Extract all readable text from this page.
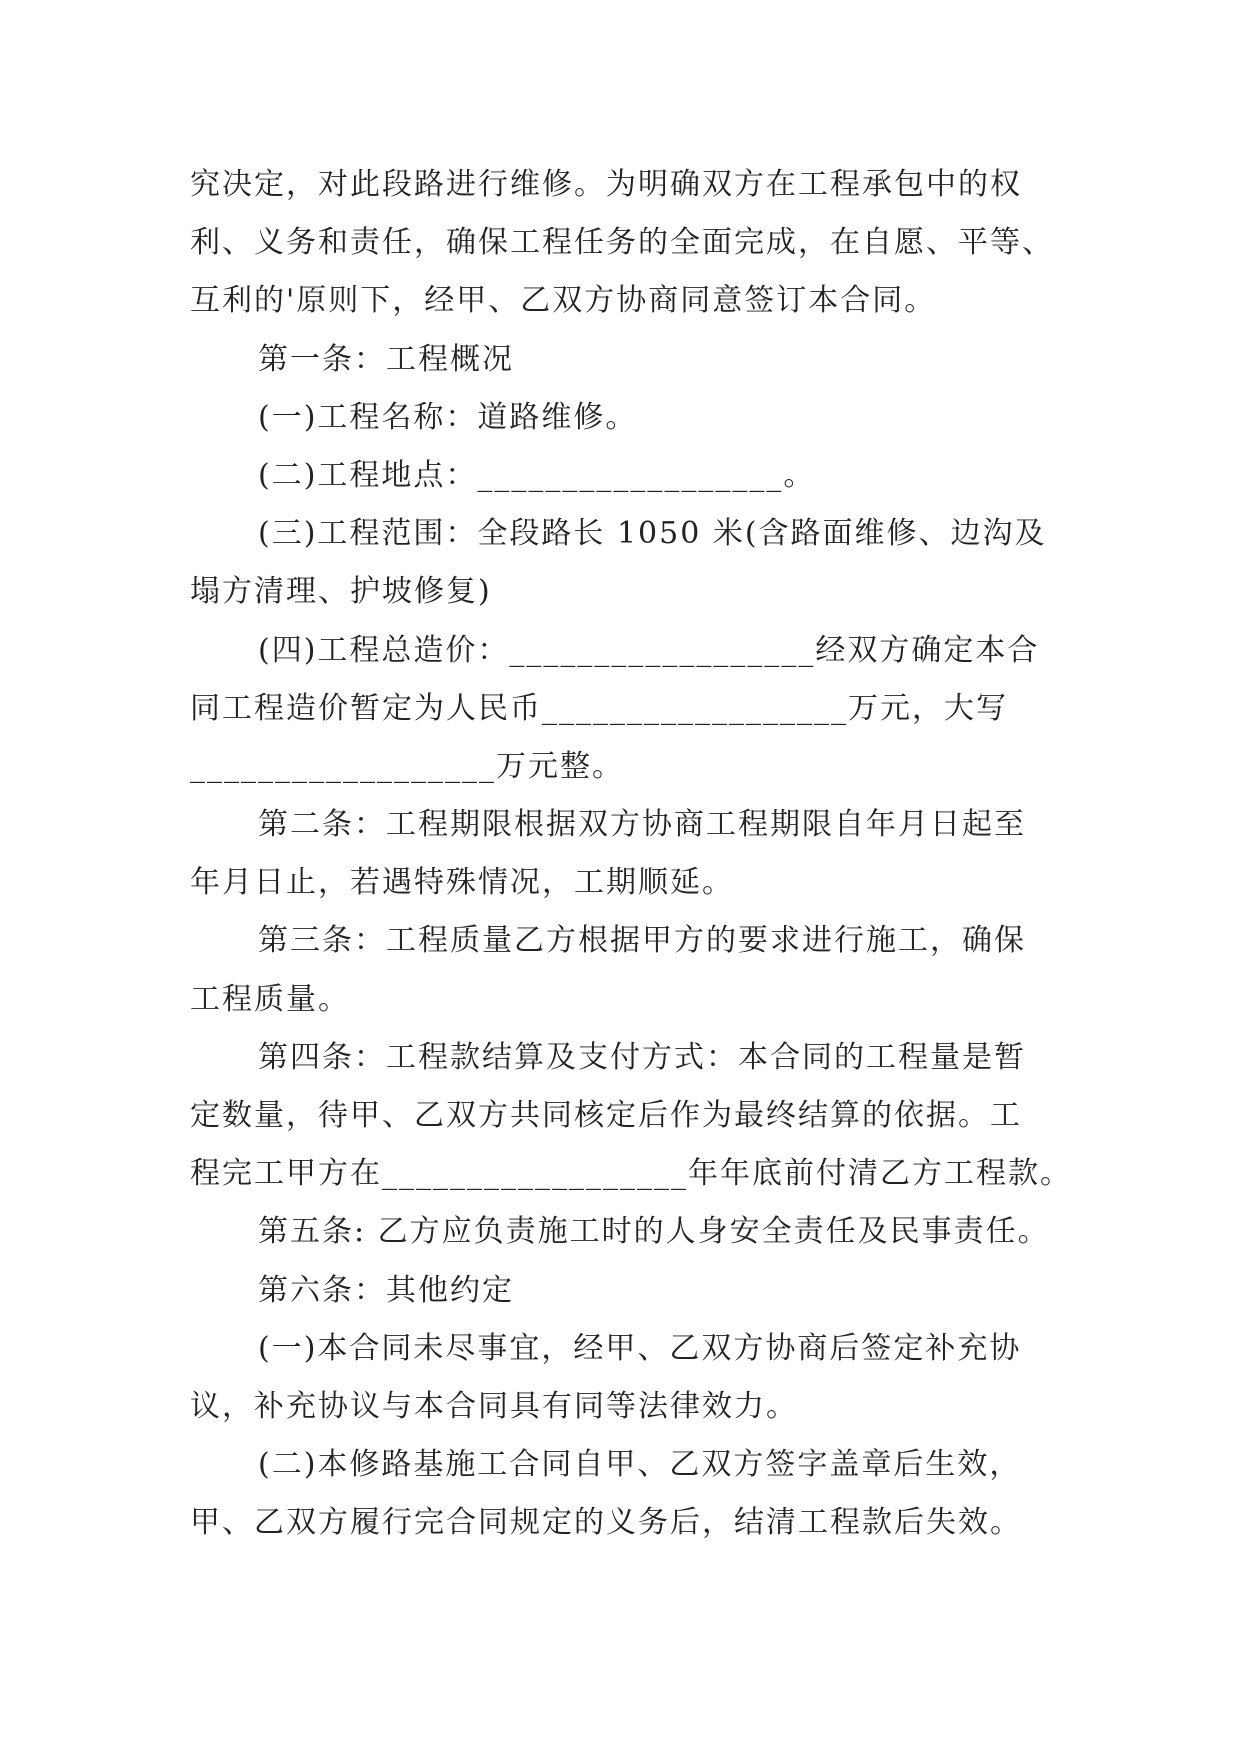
究决定，对此段路进行维修。为明确双方在工程承包中的权
利、义务和责任，确保工程任务的全面完成，在自愿、平等、
互利的'原则下，经甲、乙双方协商同意签订本合同。
第一条：工程概况
(一)工程名称：道路维修。
(二)工程地点：__________________。
(三)工程范围：全段路长 1050 米(含路面维修、边沟及
塌方清理、护坡修复)
(四)工程总造价：__________________经双方确定本合
同工程造价暂定为人民币__________________万元，大写
__________________万元整。
第二条：工程期限根据双方协商工程期限自年月日起至
年月日止，若遇特殊情况，工期顺延。
第三条：工程质量乙方根据甲方的要求进行施工，确保
工程质量。
第四条：工程款结算及支付方式：本合同的工程量是暂
定数量，待甲、乙双方共同核定后作为最终结算的依据。工
程完工甲方在__________________年年底前付清乙方工程款。
第五条: 乙方应负责施工时的人身安全责任及民事责任。
第六条：其他约定
(一)本合同未尽事宜，经甲、乙双方协商后签定补充协
议，补充协议与本合同具有同等法律效力。
(二)本修路基施工合同自甲、乙双方签字盖章后生效，
甲、乙双方履行完合同规定的义务后，结清工程款后失效。
